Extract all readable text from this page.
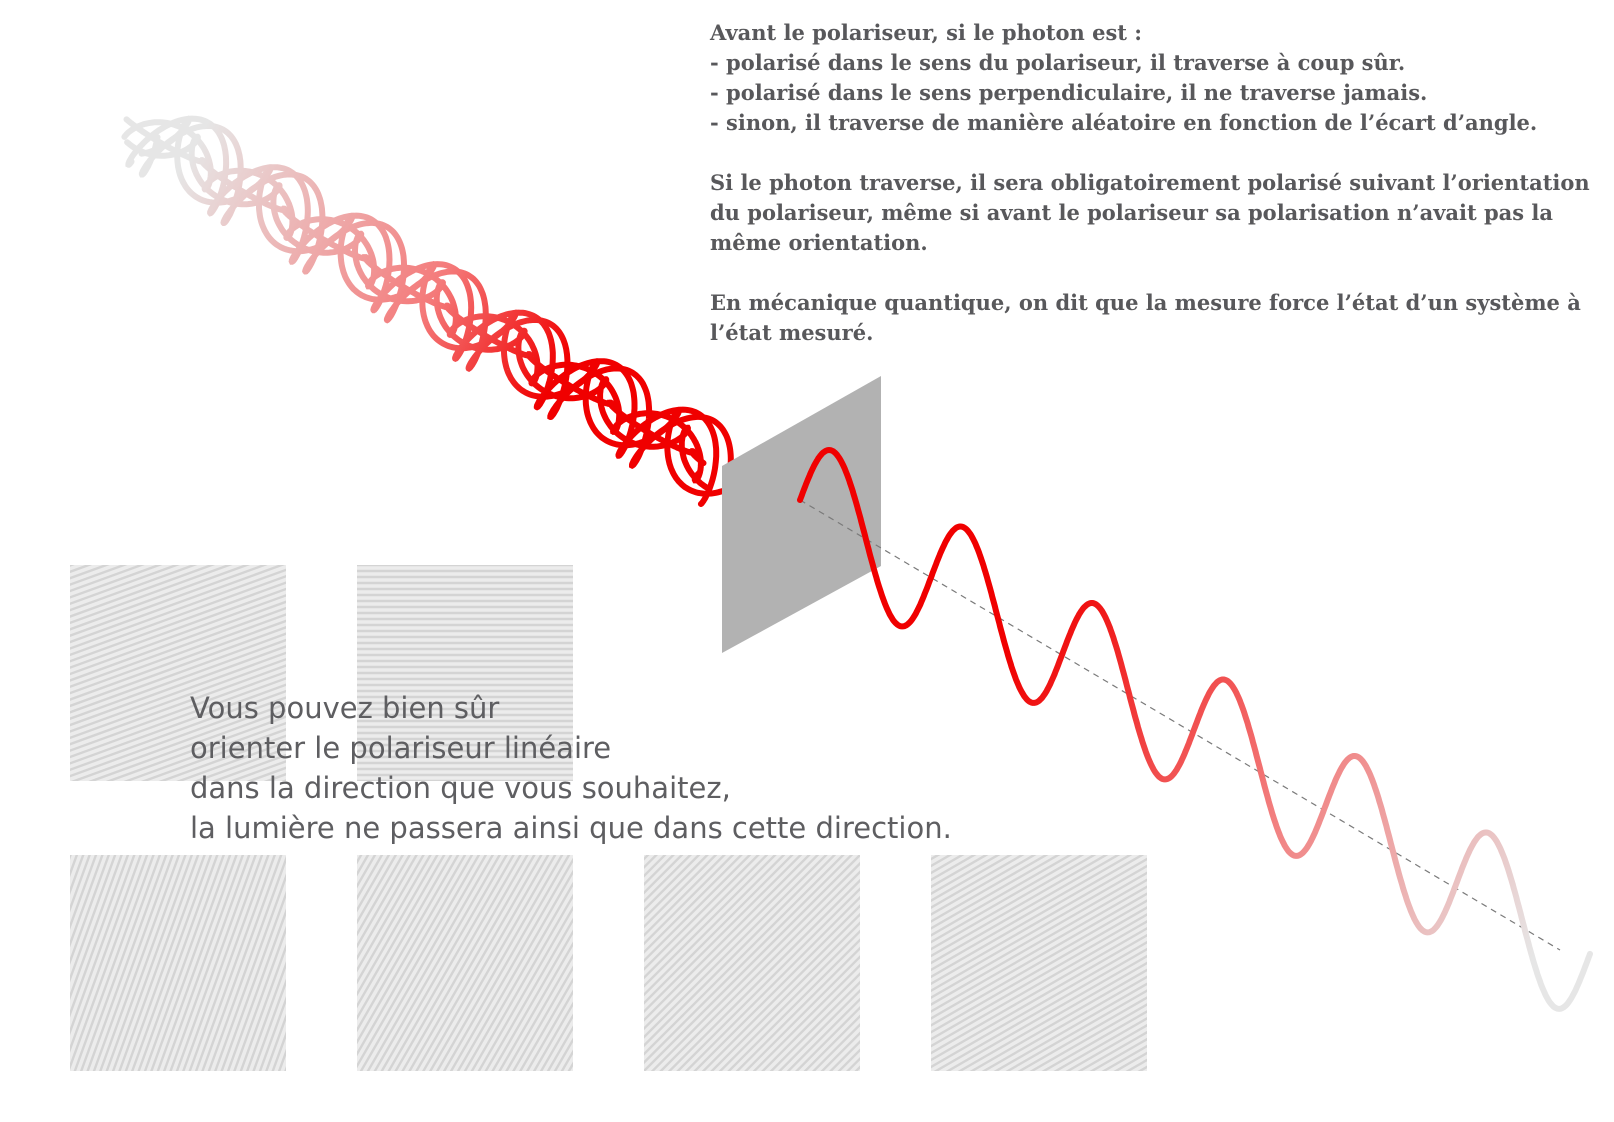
Avant le polariseur, si le photon est :
- polarisé dans le sens du polariseur, il traverse à coup sûr.
- polarisé dans le sens perpendiculaire, il ne traverse jamais.
- sinon, il traverse de manière aléatoire en fonction de l’écart d’angle.

Si le photon traverse, il sera obligatoirement polarisé suivant l’orientation
du polariseur, même si avant le polariseur sa polarisation n’avait pas la
même orientation.

En mécanique quantique, on dit que la mesure force l’état d’un système à
l’état mesuré.

Vous pouvez bien sûr
orienter le polariseur linéaire
dans la direction que vous souhaitez,
la lumière ne passera ainsi que dans cette direction.
